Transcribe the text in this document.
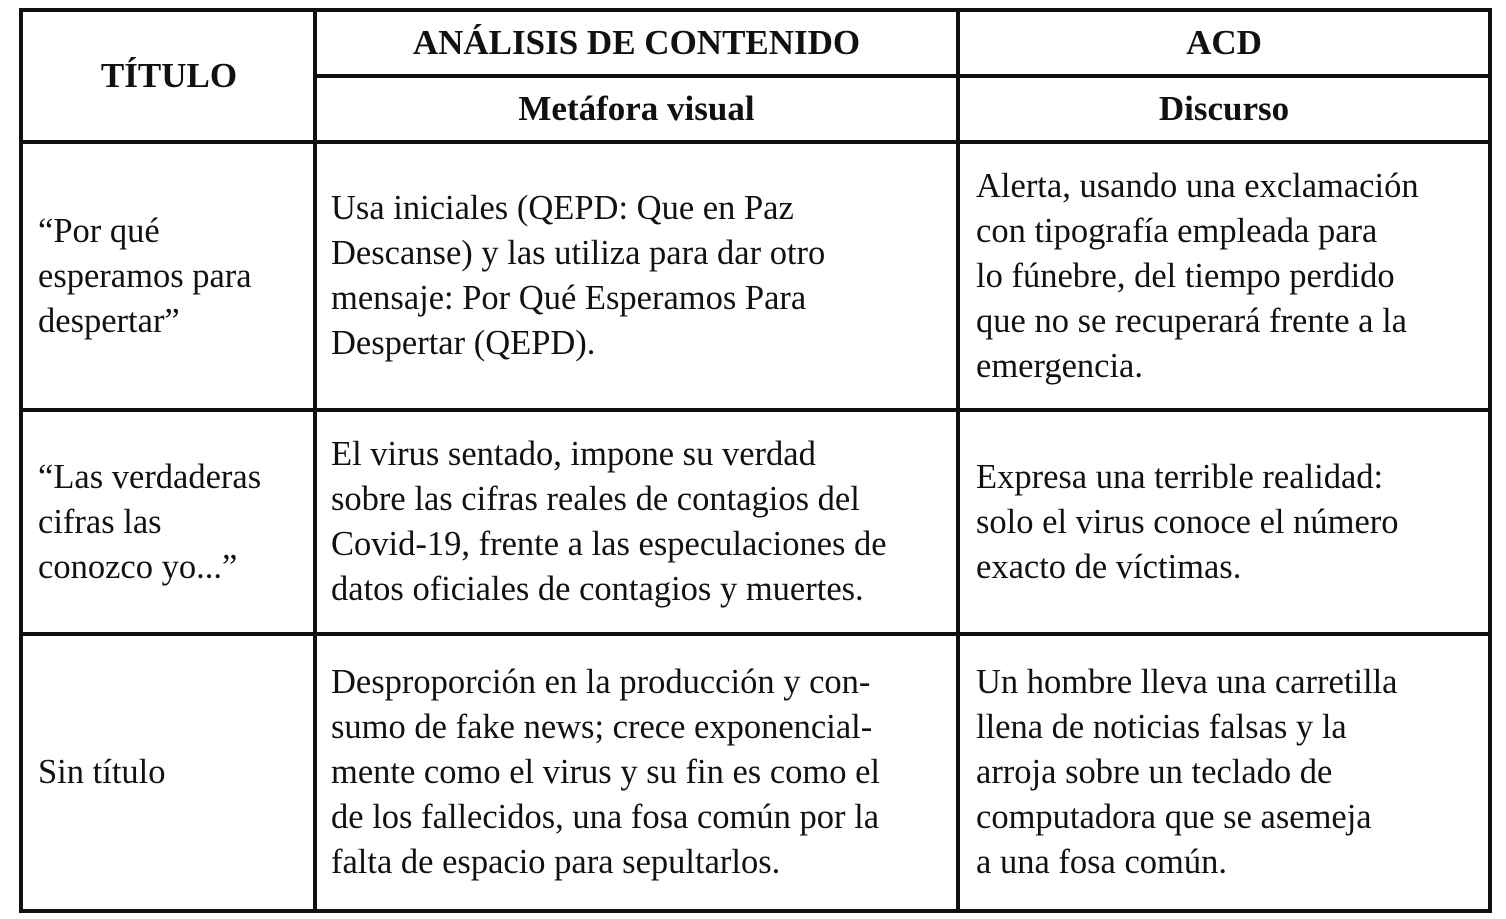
TÍTULO	ANÁLISIS DE CONTENIDO	ACD
	Metáfora visual	Discurso

“Por qué
esperamos para
despertar”	Usa iniciales (QEPD: Que en Paz
Descanse) y las utiliza para dar otro
mensaje: Por Qué Esperamos Para
Despertar (QEPD).	Alerta, usando una exclamación
con tipografía empleada para
lo fúnebre, del tiempo perdido
que no se recuperará frente a la
emergencia.

“Las verdaderas
cifras las
conozco yo...”	El virus sentado, impone su verdad
sobre las cifras reales de contagios del
Covid-19, frente a las especulaciones de
datos oficiales de contagios y muertes.	Expresa una terrible realidad:
solo el virus conoce el número
exacto de víctimas.

Sin título	Desproporción en la producción y con-
sumo de fake news; crece exponencial-
mente como el virus y su fin es como el
de los fallecidos, una fosa común por la
falta de espacio para sepultarlos.	Un hombre lleva una carretilla
llena de noticias falsas y la
arroja sobre un teclado de
computadora que se asemeja
a una fosa común.
